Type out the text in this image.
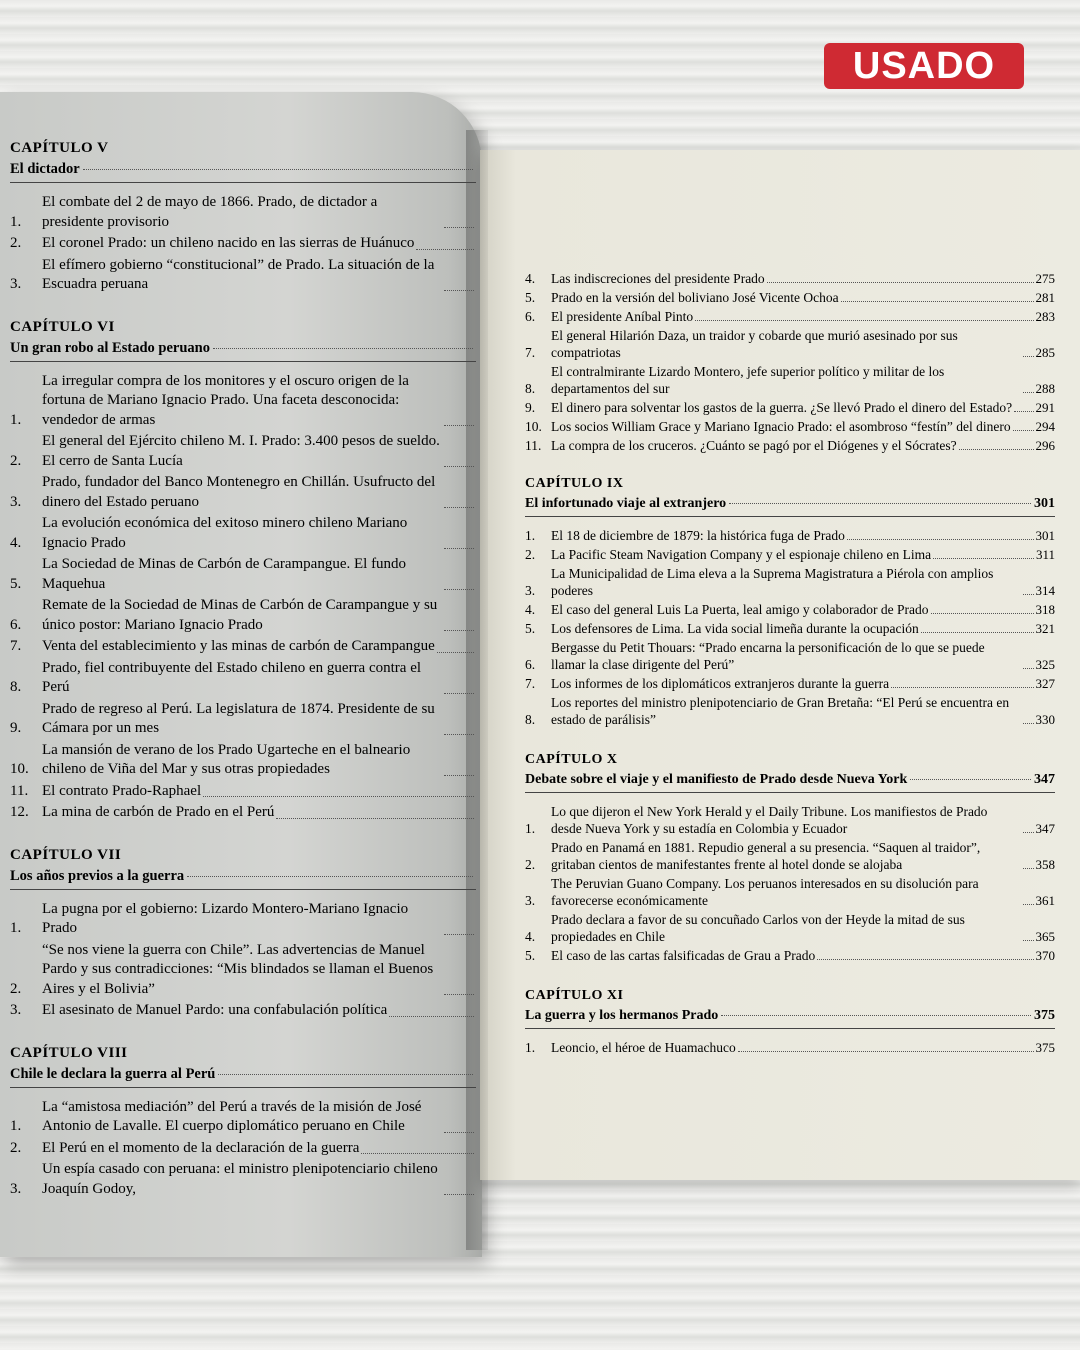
USADO
CAPÍTULO V
El dictador
1.
El combate del 2 de mayo de 1866. Prado, de dictador a presidente provisorio
2.	El coronel Prado: un chileno nacido en las sierras de Huánuco
3.
El efímero gobierno “constitucional” de Prado. La situación de la Escuadra peruana
CAPÍTULO VI
Un gran robo al Estado peruano
1.
La irregular compra de los monitores y el oscuro origen de la fortuna de Mariano Ignacio Prado. Una faceta desconocida: vendedor de armas
2.
El general del Ejército chileno M. I. Prado: 3.400 pesos de sueldo. El cerro de Santa Lucía
3.
Prado, fundador del Banco Montenegro en Chillán. Usufructo del dinero del Estado peruano
4.
La evolución económica del exitoso minero chileno Mariano Ignacio Prado
5.
La Sociedad de Minas de Carbón de Carampangue. El fundo Maquehua
6.
Remate de la Sociedad de Minas de Carbón de Carampangue y su único postor: Mariano Ignacio Prado
7.	Venta del establecimiento y las minas de carbón de Carampangue
8.
Prado, fiel contribuyente del Estado chileno en guerra contra el Perú
9.
Prado de regreso al Perú. La legislatura de 1874. Presidente de su Cámara por un mes
10.
La mansión de verano de los Prado Ugarteche en el balneario chileno de Viña del Mar y sus otras propiedades
11. El contrato Prado-Raphael
12. La mina de carbón de Prado en el Perú
CAPÍTULO VII
Los años previos a la guerra
1.
La pugna por el gobierno: Lizardo Montero-Mariano Ignacio Prado
2.
“Se nos viene la guerra con Chile”. Las advertencias de Manuel Pardo y sus contradicciones: “Mis blindados se llaman el Buenos Aires y el Bolivia”
3.	El asesinato de Manuel Pardo: una confabulación política
CAPÍTULO VIII
Chile le declara la guerra al Perú
1.
La “amistosa mediación” del Perú a través de la misión de José Antonio de Lavalle. El cuerpo diplomático peruano en Chile
2.	El Perú en el momento de la declaración de la guerra
3.
Un espía casado con peruana: el ministro plenipotenciario chileno Joaquín Godoy,
4.	Las indiscreciones del presidente Prado	275
5.	Prado en la versión del boliviano José Vicente Ochoa	281
6.	El presidente Aníbal Pinto	283
7.
El general Hilarión Daza, un traidor y cobarde que murió asesinado por sus compatriotas	285
8.
El contralmirante Lizardo Montero, jefe superior político y militar de los departamentos del sur	288
9.	El dinero para solventar los gastos de la guerra. ¿Se llevó Prado el dinero del Estado? 291
10. Los socios William Grace y Mariano Ignacio Prado: el asombroso “festín” del dinero 294
11. La compra de los cruceros. ¿Cuánto se pagó por el Diógenes y el Sócrates?	296
CAPÍTULO IX
El infortunado viaje al extranjero	301
1.	El 18 de diciembre de 1879: la histórica fuga de Prado	301
2.	La Pacific Steam Navigation Company y el espionaje chileno en Lima	311
3.
La Municipalidad de Lima eleva a la Suprema Magistratura a Piérola con amplios poderes	314
4.	El caso del general Luis La Puerta, leal amigo y colaborador de Prado	318
5.	Los defensores de Lima. La vida social limeña durante la ocupación	321
6.
Bergasse du Petit Thouars: “Prado encarna la personificación de lo que se puede llamar la clase dirigente del Perú”	325
7.	Los informes de los diplomáticos extranjeros durante la guerra	327
8.
Los reportes del ministro plenipotenciario de Gran Bretaña: “El Perú se encuentra en estado de parálisis”	330
CAPÍTULO X
Debate sobre el viaje y el manifiesto de Prado desde Nueva York	347
1.
Lo que dijeron el New York Herald y el Daily Tribune. Los manifiestos de Prado desde Nueva York y su estadía en Colombia y Ecuador	347
2.
Prado en Panamá en 1881. Repudio general a su presencia. “Saquen al traidor”, gritaban cientos de manifestantes frente al hotel donde se alojaba	358
3.
The Peruvian Guano Company. Los peruanos interesados en su disolución para favorecerse económicamente	361
4.
Prado declara a favor de su concuñado Carlos von der Heyde la mitad de sus propiedades en Chile	365
5.	El caso de las cartas falsificadas de Grau a Prado	370
CAPÍTULO XI
La guerra y los hermanos Prado	375
1.	Leoncio, el héroe de Huamachuco	375
